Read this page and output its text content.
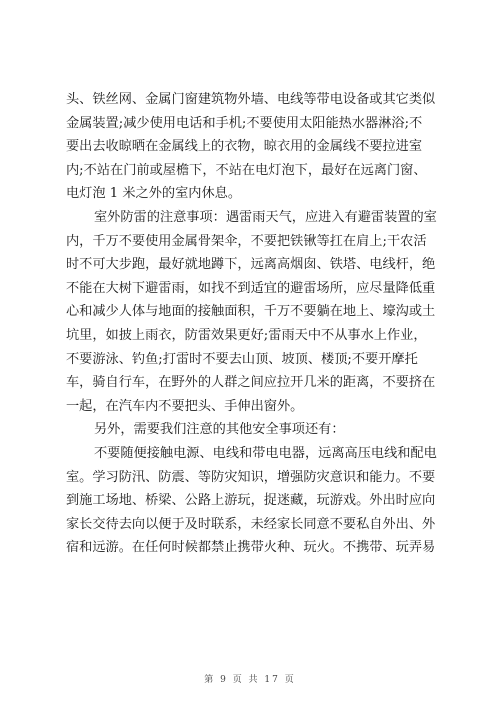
头、铁丝网、金属门窗建筑物外墙、电线等带电设备或其它类似
金属装置;减少使用电话和手机;不要使用太阳能热水器淋浴;不
要出去收晾晒在金属线上的衣物，晾衣用的金属线不要拉进室
内;不站在门前或屋檐下，不站在电灯泡下，最好在远离门窗、
电灯泡 1 米之外的室内休息。
室外防雷的注意事项：遇雷雨天气，应进入有避雷装置的室
内，千万不要使用金属骨架伞，不要把铁锹等扛在肩上;干农活
时不可大步跑，最好就地蹲下，远离高烟囱、铁塔、电线杆，绝
不能在大树下避雷雨，如找不到适宜的避雷场所，应尽量降低重
心和减少人体与地面的接触面积，千万不要躺在地上、壕沟或土
坑里，如披上雨衣，防雷效果更好;雷雨天中不从事水上作业，
不要游泳、钓鱼;打雷时不要去山顶、坡顶、楼顶;不要开摩托
车，骑自行车，在野外的人群之间应拉开几米的距离，不要挤在
一起，在汽车内不要把头、手伸出窗外。
另外，需要我们注意的其他安全事项还有：
不要随便接触电源、电线和带电电器，远离高压电线和配电
室。学习防汛、防震、等防灾知识，增强防灾意识和能力。不要
到施工场地、桥梁、公路上游玩，捉迷藏，玩游戏。外出时应向
家长交待去向以便于及时联系，未经家长同意不要私自外出、外
宿和远游。在任何时候都禁止携带火种、玩火。不携带、玩弄易
第 9 页 共 17 页
